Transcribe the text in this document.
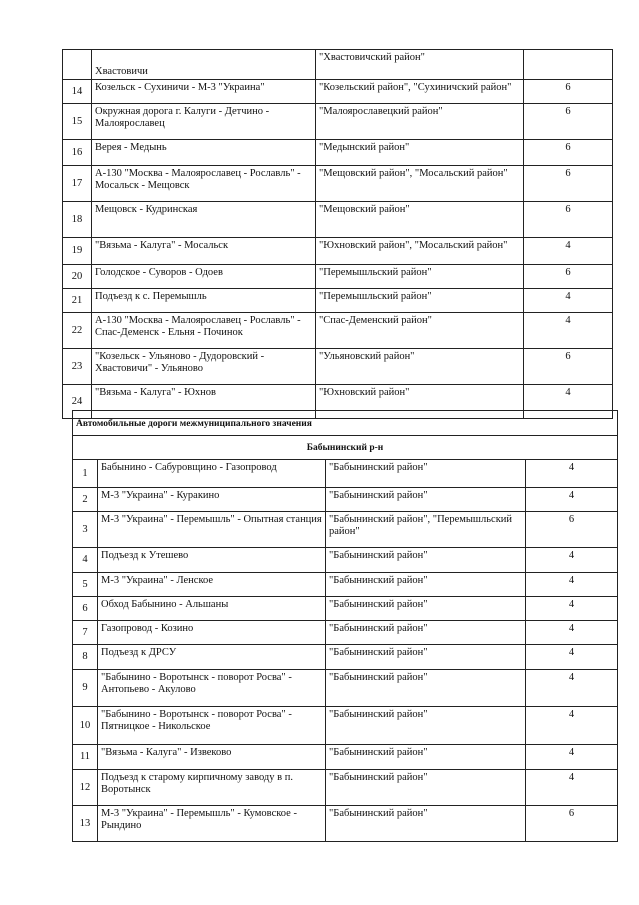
	Хвастовичи	"Хвастовичский район"	
14	Козельск - Сухиничи - М-3 "Украина"	"Козельский район", "Сухиничский район"	6
15	Окружная дорога г. Калуги - Детчино - Малоярославец	"Малоярославецкий район"	6
16	Верея - Медынь	"Медынский район"	6
17	А-130 "Москва - Малоярославец - Рославль" - Мосальск - Мещовск	"Мещовский район", "Мосальский район"	6
18	Мещовск - Кудринская	"Мещовский район"	6
19	"Вязьма - Калуга" - Мосальск	"Юхновский район", "Мосальский район"	4
20	Голодское - Суворов - Одоев	"Перемышльский район"	6
21	Подъезд к с. Перемышль	"Перемышльский район"	4
22	А-130 "Москва - Малоярославец - Рославль" - Спас-Деменск - Ельня - Починок	"Спас-Деменский район"	4
23	"Козельск - Ульяново - Дудоровский - Хвастовичи" - Ульяново	"Ульяновский район"	6
24	"Вязьма - Калуга" - Юхнов	"Юхновский район"	4
Автомобильные дороги межмуниципального значения			
Бабынинский р-н			
1	Бабынино - Сабуровщино - Газопровод	"Бабынинский район"	4
2	М-3 "Украина" - Куракино	"Бабынинский район"	4
3	М-3 "Украина" - Перемышль" - Опытная станция	"Бабынинский район", "Перемышльский район"	6
4	Подъезд к Утешево	"Бабынинский район"	4
5	М-3 "Украина" - Ленское	"Бабынинский район"	4
6	Обход Бабынино - Альшаны	"Бабынинский район"	4
7	Газопровод - Козино	"Бабынинский район"	4
8	Подъезд к ДРСУ	"Бабынинский район"	4
9	"Бабынино - Воротынск - поворот Росва" - Антопьево - Акулово	"Бабынинский район"	4
10	"Бабынино - Воротынск - поворот Росва" - Пятницкое - Никольское	"Бабынинский район"	4
11	"Вязьма - Калуга" - Извеково	"Бабынинский район"	4
12	Подъезд к старому кирпичному заводу в п. Воротынск	"Бабынинский район"	4
13	М-3 "Украина" - Перемышль" - Кумовское - Рындино	"Бабынинский район"	6
